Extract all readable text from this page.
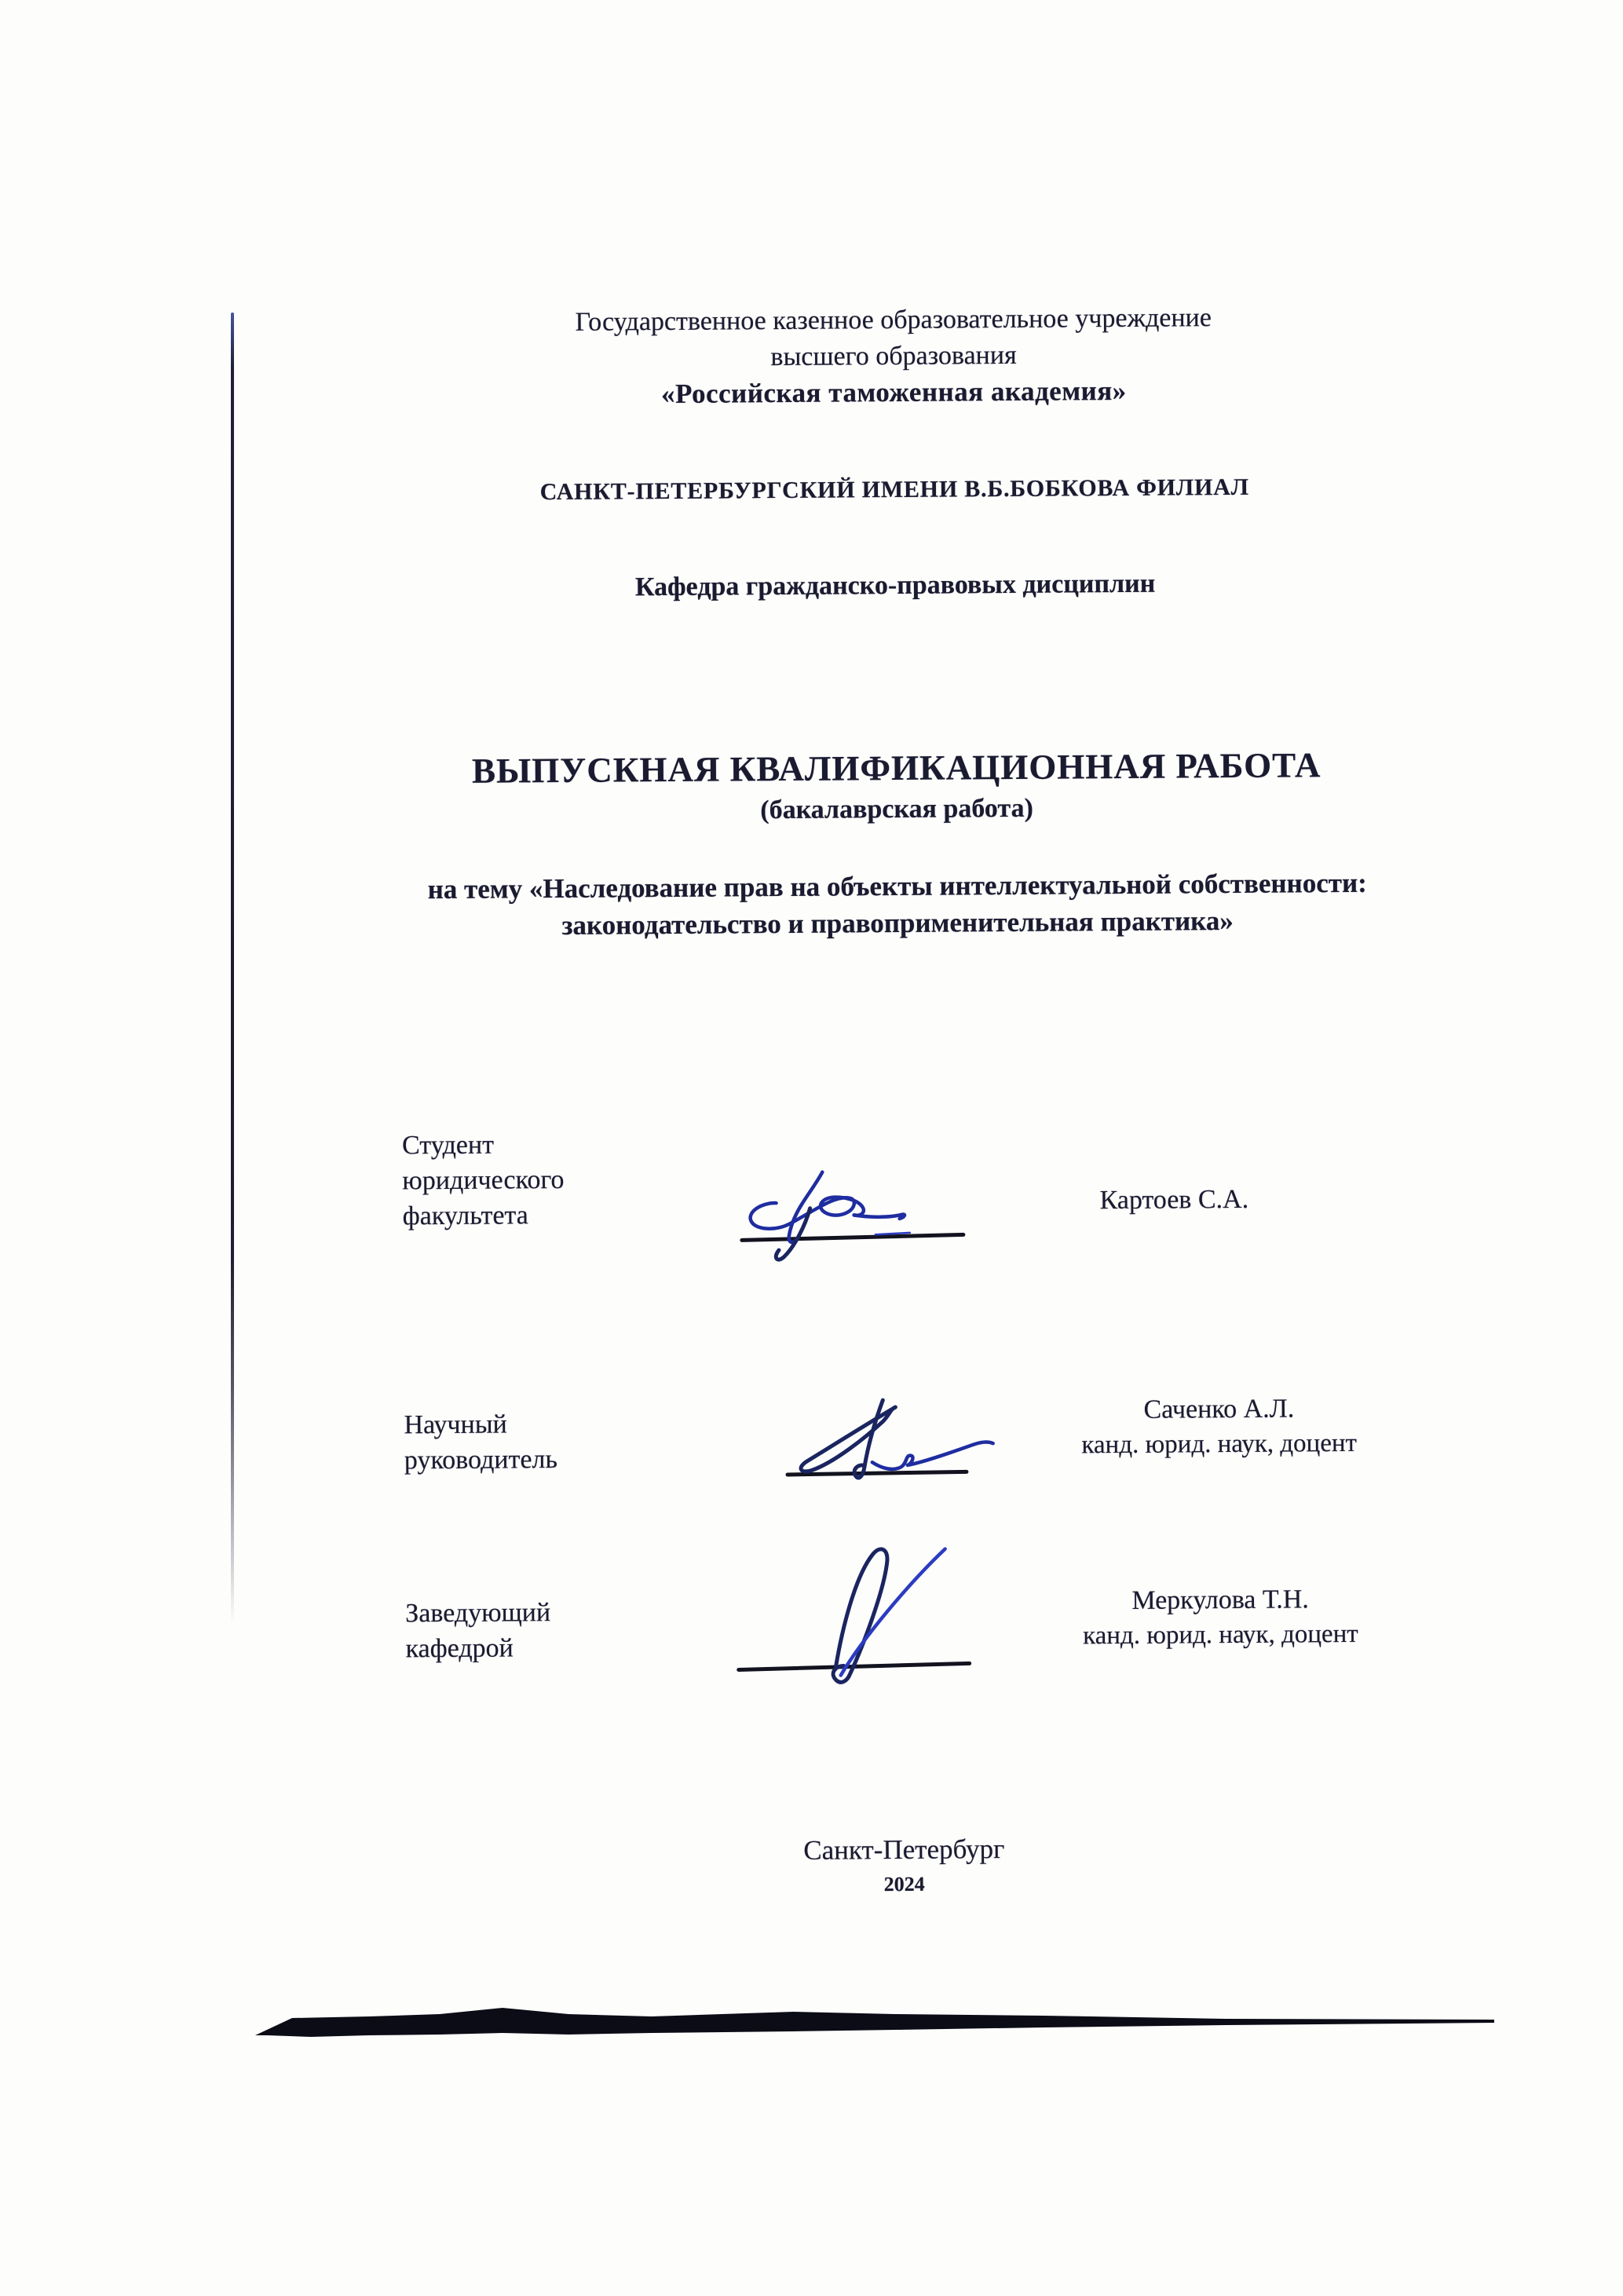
Государственное казенное образовательное учреждение
высшего образования
«Российская таможенная академия»
САНКТ-ПЕТЕРБУРГСКИЙ ИМЕНИ В.Б.БОБКОВА ФИЛИАЛ
Кафедра гражданско-правовых дисциплин
ВЫПУСКНАЯ КВАЛИФИКАЦИОННАЯ РАБОТА
(бакалаврская работа)
на тему «Наследование прав на объекты интеллектуальной собственности:
законодательство и правоприменительная практика»
Студент
юридического
факультета
Картоев С.А.
Научный
руководитель
Саченко А.Л.
канд. юрид. наук, доцент
Заведующий
кафедрой
Меркулова Т.Н.
канд. юрид. наук, доцент
Санкт-Петербург
2024
